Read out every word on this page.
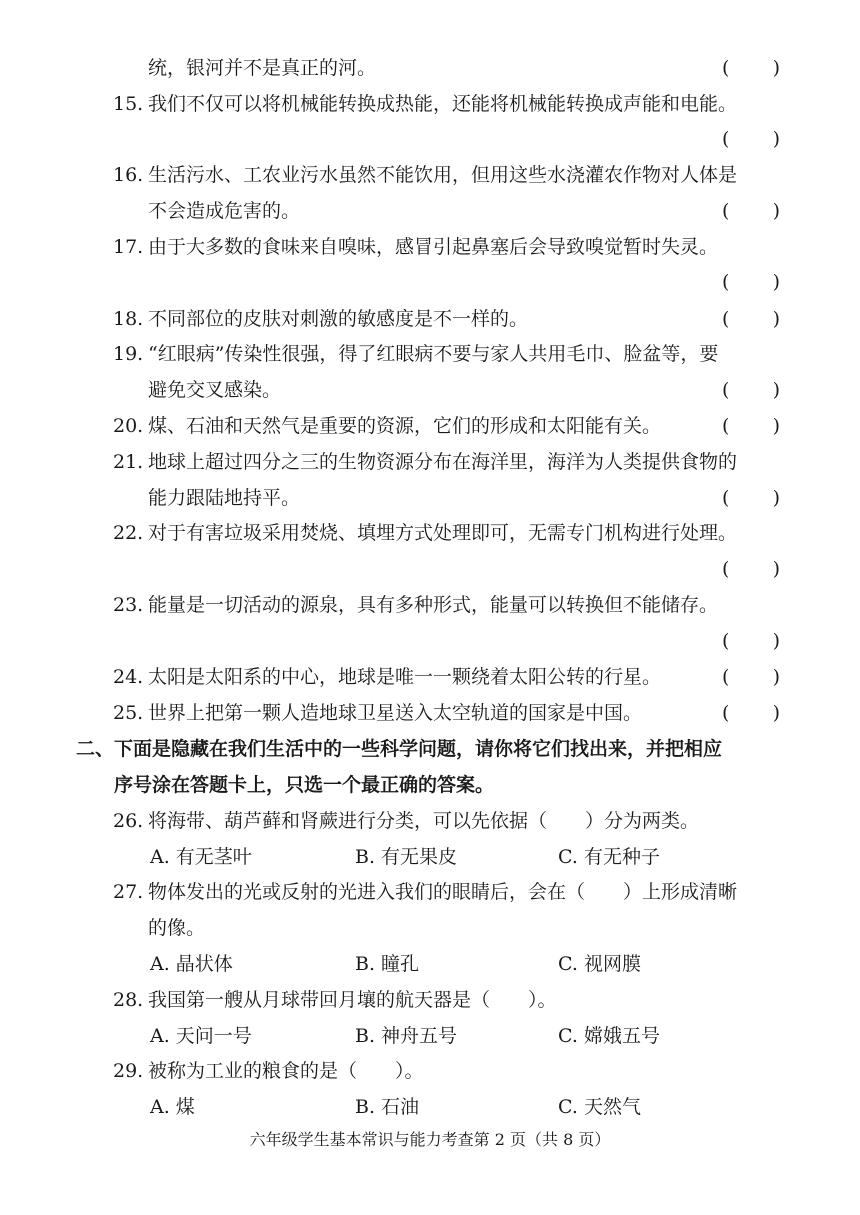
统，银河并不是真正的河。	( )
15. 我们不仅可以将机械能转换成热能，还能将机械能转换成声能和电能。
( )
16. 生活污水、工农业污水虽然不能饮用，但用这些水浇灌农作物对人体是
不会造成危害的。	( )
17. 由于大多数的食味来自嗅味，感冒引起鼻塞后会导致嗅觉暂时失灵。
( )
18. 不同部位的皮肤对刺激的敏感度是不一样的。	( )
19. “红眼病”传染性很强，得了红眼病不要与家人共用毛巾、脸盆等，要
避免交叉感染。	( )
20. 煤、石油和天然气是重要的资源，它们的形成和太阳能有关。	( )
21. 地球上超过四分之三的生物资源分布在海洋里，海洋为人类提供食物的
能力跟陆地持平。	( )
22. 对于有害垃圾采用焚烧、填埋方式处理即可，无需专门机构进行处理。
( )
23. 能量是一切活动的源泉，具有多种形式，能量可以转换但不能储存。
( )
24. 太阳是太阳系的中心，地球是唯一一颗绕着太阳公转的行星。	( )
25. 世界上把第一颗人造地球卫星送入太空轨道的国家是中国。	( )
二、下面是隐藏在我们生活中的一些科学问题，请你将它们找出来，并把相应
序号涂在答题卡上，只选一个最正确的答案。
26. 将海带、葫芦藓和肾蕨进行分类，可以先依据（　　）分为两类。
A. 有无茎叶	B. 有无果皮	C. 有无种子
27. 物体发出的光或反射的光进入我们的眼睛后，会在（　　）上形成清晰
的像。
A. 晶状体	B. 瞳孔	C. 视网膜
28. 我国第一艘从月球带回月壤的航天器是（　　）。
A. 天问一号	B. 神舟五号	C. 嫦娥五号
29. 被称为工业的粮食的是（　　）。
A. 煤	B. 石油	C. 天然气
六年级学生基本常识与能力考查第 2 页（共 8 页）
